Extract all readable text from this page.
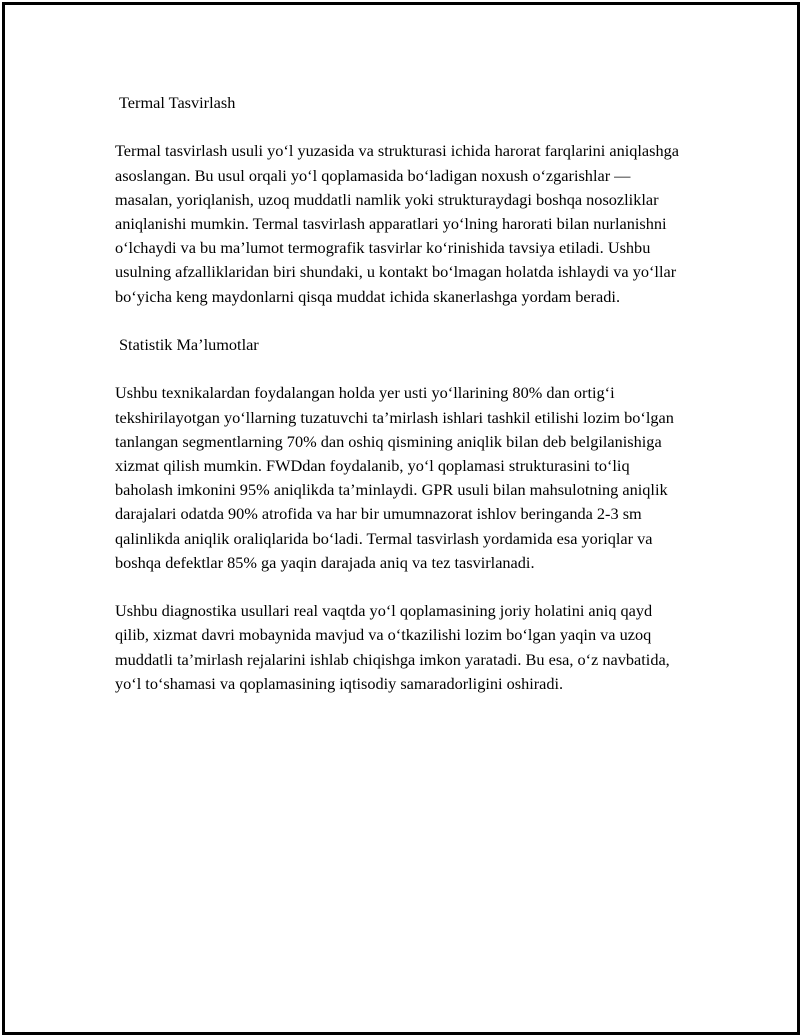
Termal Tasvirlash

Termal tasvirlash usuli yo‘l yuzasida va strukturasi ichida harorat farqlarini aniqlashga asoslangan. Bu usul orqali yo‘l qoplamasida bo‘ladigan noxush o‘zgarishlar — masalan, yoriqlanish, uzoq muddatli namlik yoki strukturaydagi boshqa nosozliklar aniqlanishi mumkin. Termal tasvirlash apparatlari yo‘lning harorati bilan nurlanishni o‘lchaydi va bu ma’lumot termografik tasvirlar ko‘rinishida tavsiya etiladi. Ushbu usulning afzalliklaridan biri shundaki, u kontakt bo‘lmagan holatda ishlaydi va yo‘llar bo‘yicha keng maydonlarni qisqa muddat ichida skanerlashga yordam beradi.

Statistik Ma’lumotlar

Ushbu texnikalardan foydalangan holda yer usti yo‘llarining 80% dan ortig‘i tekshirilayotgan yo‘llarning tuzatuvchi ta’mirlash ishlari tashkil etilishi lozim bo‘lgan tanlangan segmentlarning 70% dan oshiq qismining aniqlik bilan deb belgilanishiga xizmat qilish mumkin. FWDdan foydalanib, yo‘l qoplamasi strukturasini to‘liq baholash imkonini 95% aniqlikda ta’minlaydi. GPR usuli bilan mahsulotning aniqlik darajalari odatda 90% atrofida va har bir umumnazorat ishlov beringanda 2-3 sm qalinlikda aniqlik oraliqlarida bo‘ladi. Termal tasvirlash yordamida esa yoriqlar va boshqa defektlar 85% ga yaqin darajada aniq va tez tasvirlanadi.

Ushbu diagnostika usullari real vaqtda yo‘l qoplamasining joriy holatini aniq qayd qilib, xizmat davri mobaynida mavjud va o‘tkazilishi lozim bo‘lgan yaqin va uzoq muddatli ta’mirlash rejalarini ishlab chiqishga imkon yaratadi. Bu esa, o‘z navbatida, yo‘l to‘shamasi va qoplamasining iqtisodiy samaradorligini oshiradi.
